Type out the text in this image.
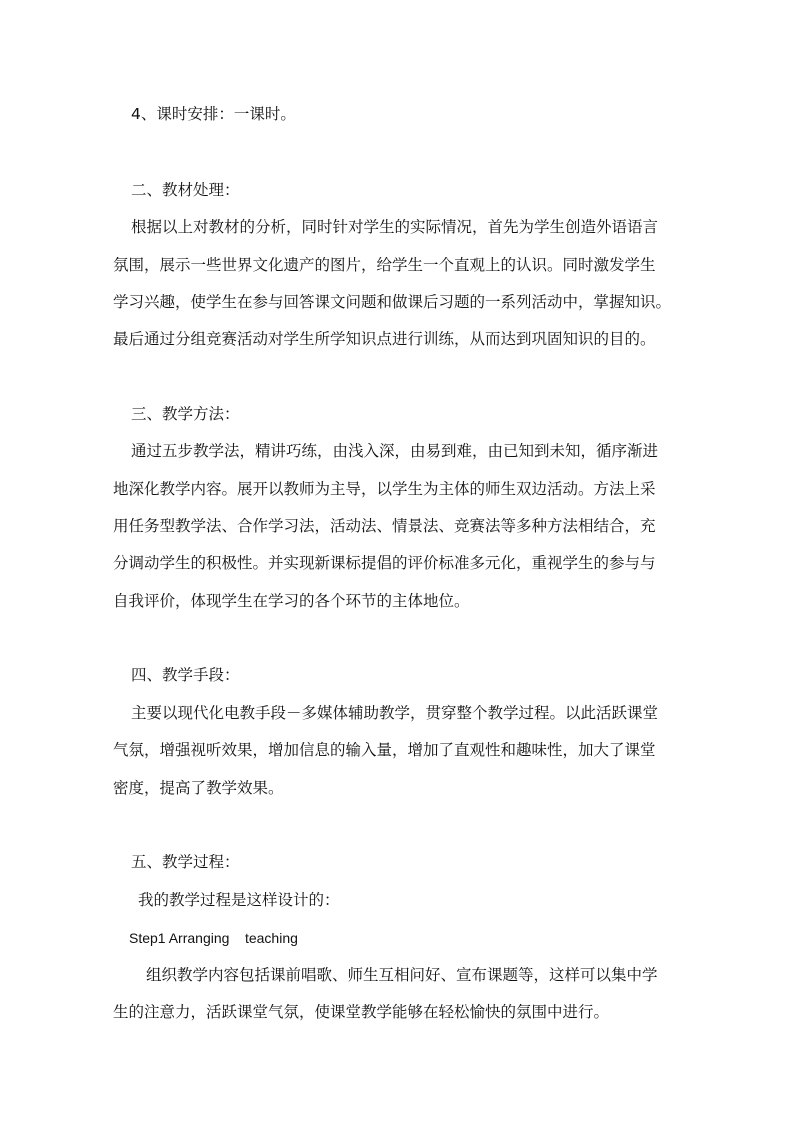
4、课时安排：一课时。
二、教材处理：
根据以上对教材的分析，同时针对学生的实际情况，首先为学生创造外语语言
氛围，展示一些世界文化遗产的图片，给学生一个直观上的认识。同时激发学生
学习兴趣，使学生在参与回答课文问题和做课后习题的一系列活动中，掌握知识。
最后通过分组竞赛活动对学生所学知识点进行训练，从而达到巩固知识的目的。
三、教学方法：
通过五步教学法，精讲巧练，由浅入深，由易到难，由已知到未知，循序渐进
地深化教学内容。展开以教师为主导，以学生为主体的师生双边活动。方法上采
用任务型教学法、合作学习法，活动法、情景法、竞赛法等多种方法相结合，充
分调动学生的积极性。并实现新课标提倡的评价标准多元化，重视学生的参与与
自我评价，体现学生在学习的各个环节的主体地位。
四、教学手段：
主要以现代化电教手段－多媒体辅助教学，贯穿整个教学过程。以此活跃课堂
气氛，增强视听效果，增加信息的输入量，增加了直观性和趣味性，加大了课堂
密度，提高了教学效果。
五、教学过程：
我的教学过程是这样设计的：
Step1 Arranging    teaching
组织教学内容包括课前唱歌、师生互相问好、宣布课题等，这样可以集中学
生的注意力，活跃课堂气氛，使课堂教学能够在轻松愉快的氛围中进行。
